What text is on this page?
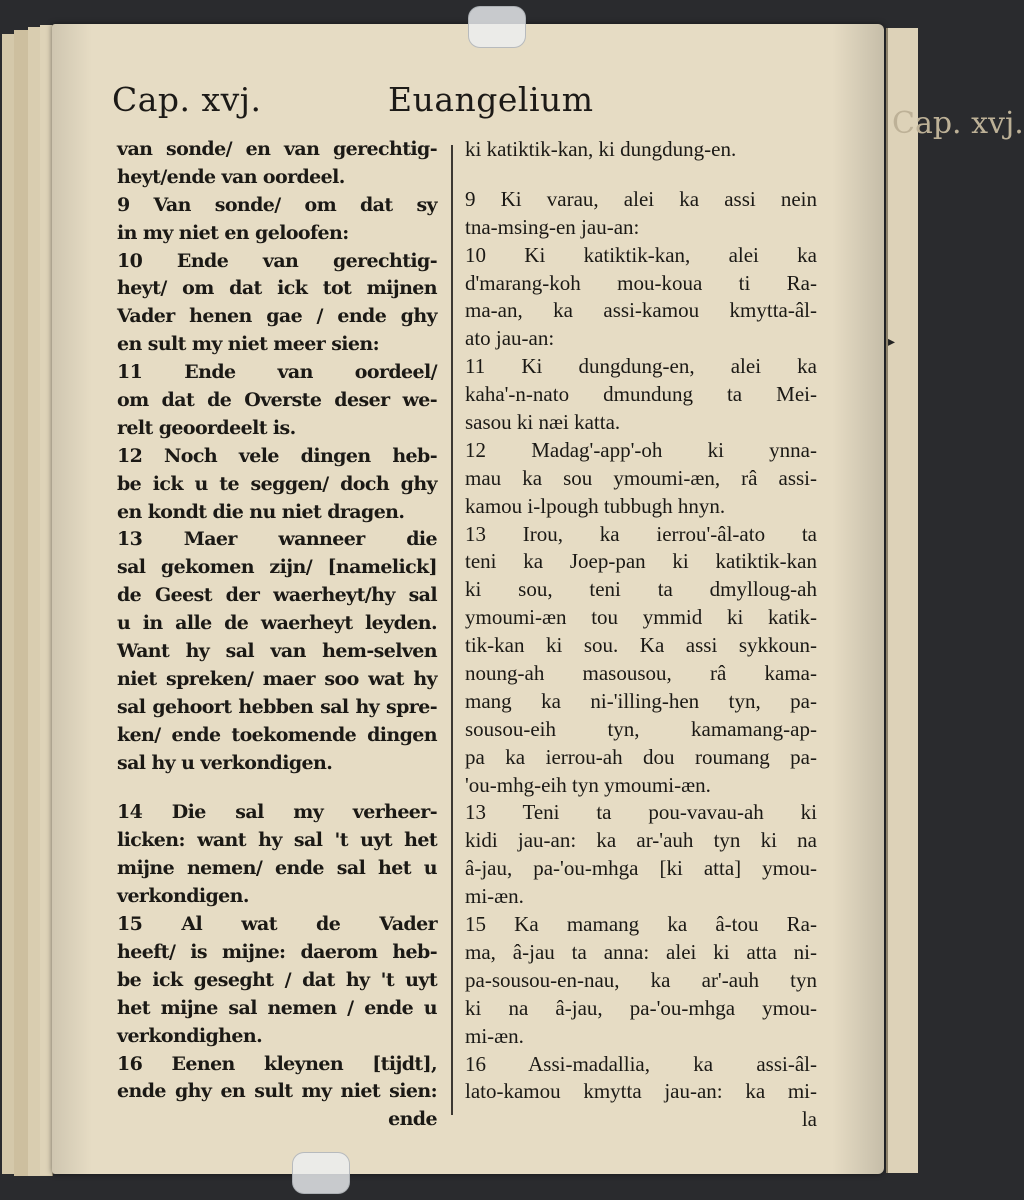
Cap. xvj.
Cap. xvj.	Euangelium
▸
van sonde/ en van gerechtig-
heyt/ende van oordeel.
9 Van sonde/ om dat sy
in my niet en geloofen:
10 Ende van gerechtig-
heyt/ om dat ick tot mijnen
Vader henen gae / ende ghy
en sult my niet meer sien:
11 Ende van oordeel/
om dat de Overste deser we-
relt geoordeelt is.
12 Noch vele dingen heb-
be ick u te seggen/ doch ghy
en kondt die nu niet dragen.
13 Maer wanneer die
sal gekomen zijn/ [namelick]
de Geest der waerheyt/hy sal
u in alle de waerheyt leyden.
Want hy sal van hem-selven
niet spreken/ maer soo wat hy
sal gehoort hebben sal hy spre-
ken/ ende toekomende dingen
sal hy u verkondigen.
14 Die sal my verheer-
licken: want hy sal 't uyt het
mijne nemen/ ende sal het u
verkondigen.
15 Al wat de Vader
heeft/ is mijne: daerom heb-
be ick geseght / dat hy 't uyt
het mijne sal nemen / ende u
verkondighen.
16 Eenen kleynen [tijdt],
ende ghy en sult my niet sien:
ende
ki katiktik-kan, ki dungdung-en.
9 Ki varau, alei ka assi nein
tna-msing-en jau-an:
10 Ki katiktik-kan, alei ka
d'marang-koh mou-koua ti Ra-
ma-an, ka assi-kamou kmytta-âl-
ato jau-an:
11 Ki dungdung-en, alei ka
kaha'-n-nato dmundung ta Mei-
sasou ki næi katta.
12 Madag'-app'-oh ki ynna-
mau ka sou ymoumi-æn, râ assi-
kamou i-lpough tubbugh hnyn.
13 Irou, ka ierrou'-âl-ato ta
teni ka Joep-pan ki katiktik-kan
ki sou, teni ta dmylloug-ah
ymoumi-æn tou ymmid ki katik-
tik-kan ki sou. Ka assi sykkoun-
noung-ah masousou, râ kama-
mang ka ni-'illing-hen tyn, pa-
sousou-eih tyn, kamamang-ap-
pa ka ierrou-ah dou roumang pa-
'ou-mhg-eih tyn ymoumi-æn.
13 Teni ta pou-vavau-ah ki
kidi jau-an: ka ar-'auh tyn ki na
â-jau, pa-'ou-mhga [ki atta] ymou-
mi-æn.
15 Ka mamang ka â-tou Ra-
ma, â-jau ta anna: alei ki atta ni-
pa-sousou-en-nau, ka ar'-auh tyn
ki na â-jau, pa-'ou-mhga ymou-
mi-æn.
16 Assi-madallia, ka assi-âl-
lato-kamou kmytta jau-an: ka mi-
la
